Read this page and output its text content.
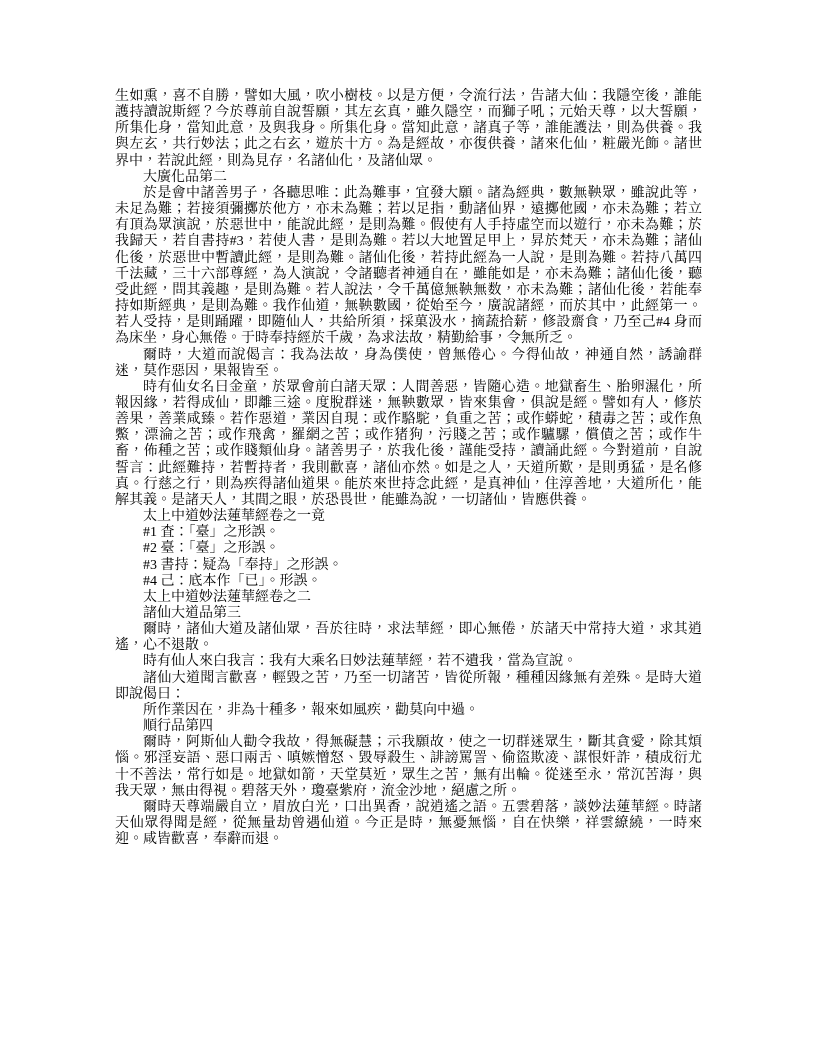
生如熏，喜不自勝，譬如大風，吹小樹枝。以是方便，令流行法，告諸大仙：我隱空後，誰能護持讀說斯經？今於尊前自說誓願，其左玄真，雖久隱空，而獅子吼；元始天尊，以大誓願，所集化身，當知此意，及與我身。所集化身。當知此意，諸真子等，誰能護法，則為供養。我與左玄，共行妙法；此之右玄，遊於十方。為是經故，亦復供養，諸來化仙，粧嚴光飾。諸世界中，若說此經，則為見存，名諸仙化，及諸仙眾。

大廣化品第二

於是會中諸善男子，各聽思唯：此為難事，宜發大願。諸為經典，數無鞅眾，雖說此等，未足為難；若接須彌擲於他方，亦未為難；若以足指，動諸仙界，遠擲他國，亦未為難；若立有頂為眾演說，於惡世中，能說此經，是則為難。假使有人手持虛空而以遊行，亦未為難；於我歸天，若自書持#3，若使人書，是則為難。若以大地置足甲上，昇於梵天，亦未為難；諸仙化後，於惡世中暫讀此經，是則為難。諸仙化後，若持此經為一人說，是則為難。若持八萬四千法藏，三十六部尊經，為人演說，令諸聽者神通自在，雖能如是，亦未為難；諸仙化後，聽受此經，問其義趣，是則為難。若人說法，令千萬億無鞅無数，亦未為難；諸仙化後，若能奉持如斯經典，是則為難。我作仙道，無鞅數國，從始至今，廣說諸經，而於其中，此經第一。若人受持，是則踊躍，即隨仙人，共給所須，採菓汲水，摘蔬拾薪，修設齋食，乃至己#4 身而為床坐，身心無倦。于時奉持經於千歲，為求法故，精勤給事，令無所乏。

爾時，大道而說偈言：我為法故，身為僕使，曾無倦心。今得仙故，神通自然，誘諭群迷，莫作惡因，果報皆至。

時有仙女名曰金童，於眾會前白諸天眾：人間善惡，皆隨心造。地獄畜生、胎卵濕化，所報因緣，若得成仙，即離三途。度脫群迷，無鞅數眾，皆來集會，俱說是經。譬如有人，修於善果，善業咸臻。若作惡道，業因自現：或作駱駝，負重之苦；或作蟒蛇，積毒之苦；或作魚鱉，漂淪之苦；或作飛禽，羅網之苦；或作猪狗，污賤之苦；或作驢騾，償債之苦；或作牛畜，佈種之苦；或作賤類仙身。諸善男子，於我化後，謹能受持，讀誦此經。今對道前，自說誓言：此經難持，若暫持者，我則歡喜，諸仙亦然。如是之人，天道所歎，是則勇猛，是名修真。行慈之行，則為疾得諸仙道果。能於來世持念此經，是真神仙，住淳善地，大道所化，能解其義。是諸天人，其間之眼，於恐畏世，能雖為說，一切諸仙，皆應供養。

太上中道妙法蓮華經卷之一竟

#1 査：「臺」之形誤。

#2 臺：「臺」之形誤。

#3 書持：疑為「奉持」之形誤。

#4 己：底本作「已」。形誤。

太上中道妙法蓮華經卷之二

諸仙大道品第三

爾時，諸仙大道及諸仙眾，吾於往時，求法華經，即心無倦，於諸天中常持大道，求其逍遙，心不退散。

時有仙人來白我言：我有大乘名曰妙法蓮華經，若不遺我，當為宣說。

諸仙大道聞言歡喜，輕毀之苦，乃至一切諸苦，皆從所報，種種因緣無有差殊。是時大道即說偈曰：

所作業因在，非為十種多，報來如風疾，勸莫向中過。

順行品第四

爾時，阿斯仙人勸令我故，得無礙慧；示我願故，使之一切群迷眾生，斷其貪愛，除其煩惱。邪淫妄語、惡口兩舌、嗔嫉憎怒、毀辱殺生、誹謗罵詈、偷盜欺凌、謀恨奸詐，積成衍尤十不善法，常行如是。地獄如箭，天堂莫近，眾生之苦，無有出輪。從迷至永，常沉苦海，與我天眾，無由得視。碧落天外，瓊臺紫府，流金沙地，絕慮之所。

爾時天尊端嚴自立，眉放白光，口出異香，說逍遙之語。五雲碧落，談妙法蓮華經。時諸天仙眾得聞是經，從無量劫曾遇仙道。今正是時，無憂無惱，自在快樂，祥雲繚繞，一時來迎。咸皆歡喜，奉辭而退。
